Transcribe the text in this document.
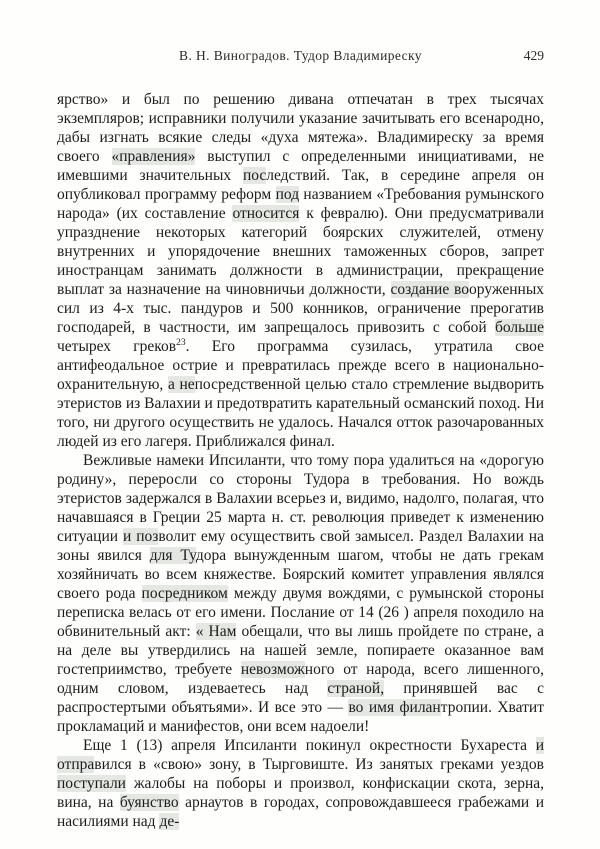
В. Н. Виноградов. Тудор Владимиреску	429

ярство» и был по решению дивана отпечатан в трех тысячах экземпляров; исправники получили указание зачитывать его всенародно, дабы изгнать всякие следы «духа мятежа». Владимиреску за время своего «правления» выступил с определенными инициативами, не имевшими значительных последствий. Так, в середине апреля он опубликовал программу реформ под названием «Требования румынского народа» (их составление относится к февралю). Они предусматривали упразднение некоторых категорий боярских служителей, отмену внутренних и упорядочение внешних таможенных сборов, запрет иностранцам занимать должности в администрации, прекращение выплат за назначение на чиновничьи должности, создание вооруженных сил из 4-х тыс. пандуров и 500 конников, ограничение прерогатив господарей, в частности, им запрещалось привозить с собой больше четырех греков$^{23}$. Его программа сузилась, утратила свое антифеодальное острие и превратилась прежде всего в национально-охранительную, а непосредственной целью стало стремление выдворить этеристов из Валахии и предотвратить карательный османский поход. Ни того, ни другого осуществить не удалось. Начался отток разочарованных людей из его лагеря. Приближался финал.

Вежливые намеки Ипсиланти, что тому пора удалиться на «дорогую родину», переросли со стороны Тудора в требования. Но вождь этеристов задержался в Валахии всерьез и, видимо, надолго, полагая, что начавшаяся в Греции 25 марта н. ст. революция приведет к изменению ситуации и позволит ему осуществить свой замысел. Раздел Валахии на зоны явился для Тудора вынужденным шагом, чтобы не дать грекам хозяйничать во всем княжестве. Боярский комитет управления являлся своего рода посредником между двумя вождями, с румынской стороны переписка велась от его имени. Послание от 14 (26 ) апреля походило на обвинительный акт: « Нам обещали, что вы лишь пройдете по стране, а на деле вы утвердились на нашей земле, попираете оказанное вам гостеприимство, требуете невозможного от народа, всего лишенного, одним словом, издеваетесь над страной, принявшей вас с распростертыми объятьями». И все это — во имя филантропии. Хватит прокламаций и манифестов, они всем надоели!

Еще 1 (13) апреля Ипсиланти покинул окрестности Бухареста и отправился в «свою» зону, в Тырговиште. Из занятых греками уездов поступали жалобы на поборы и произвол, конфискации скота, зерна, вина, на буянство арнаутов в городах, сопровождавшееся грабежами и насилиями над де-
